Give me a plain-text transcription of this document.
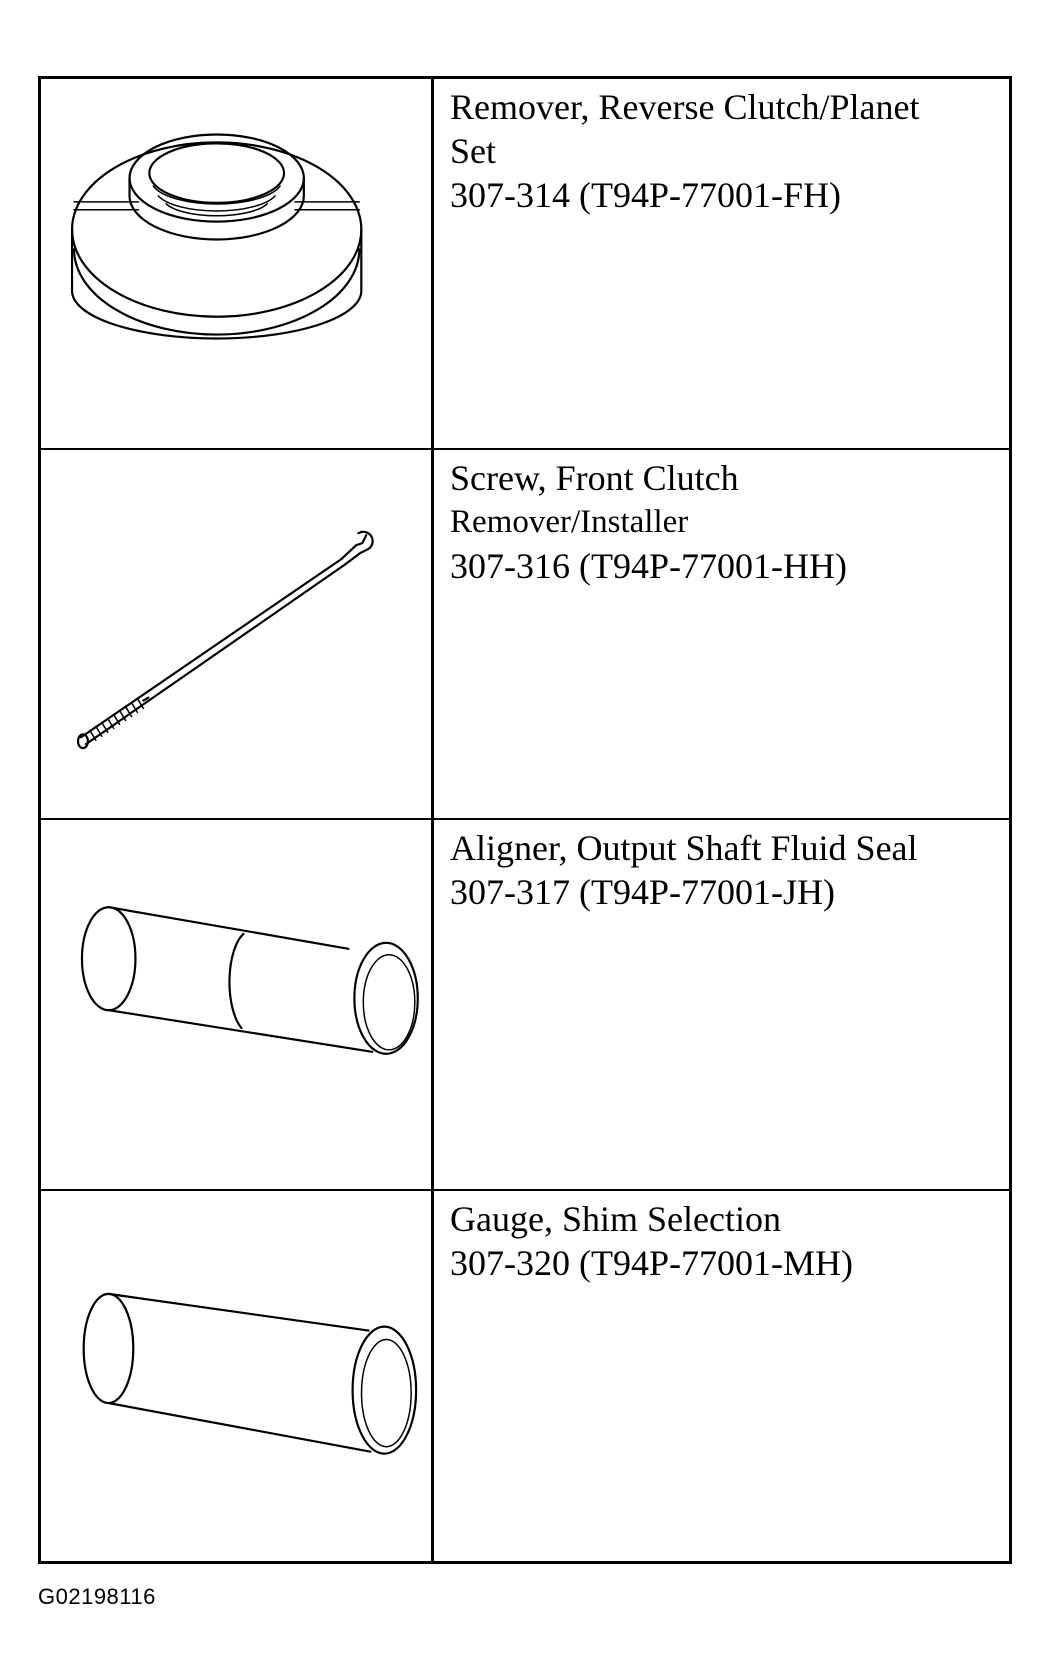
Remover, Reverse Clutch/Planet
Set
307-314 (T94P-77001-FH)
Screw, Front Clutch
Remover/Installer
307-316 (T94P-77001-HH)
Aligner, Output Shaft Fluid Seal
307-317 (T94P-77001-JH)
Gauge, Shim Selection
307-320 (T94P-77001-MH)
G02198116
